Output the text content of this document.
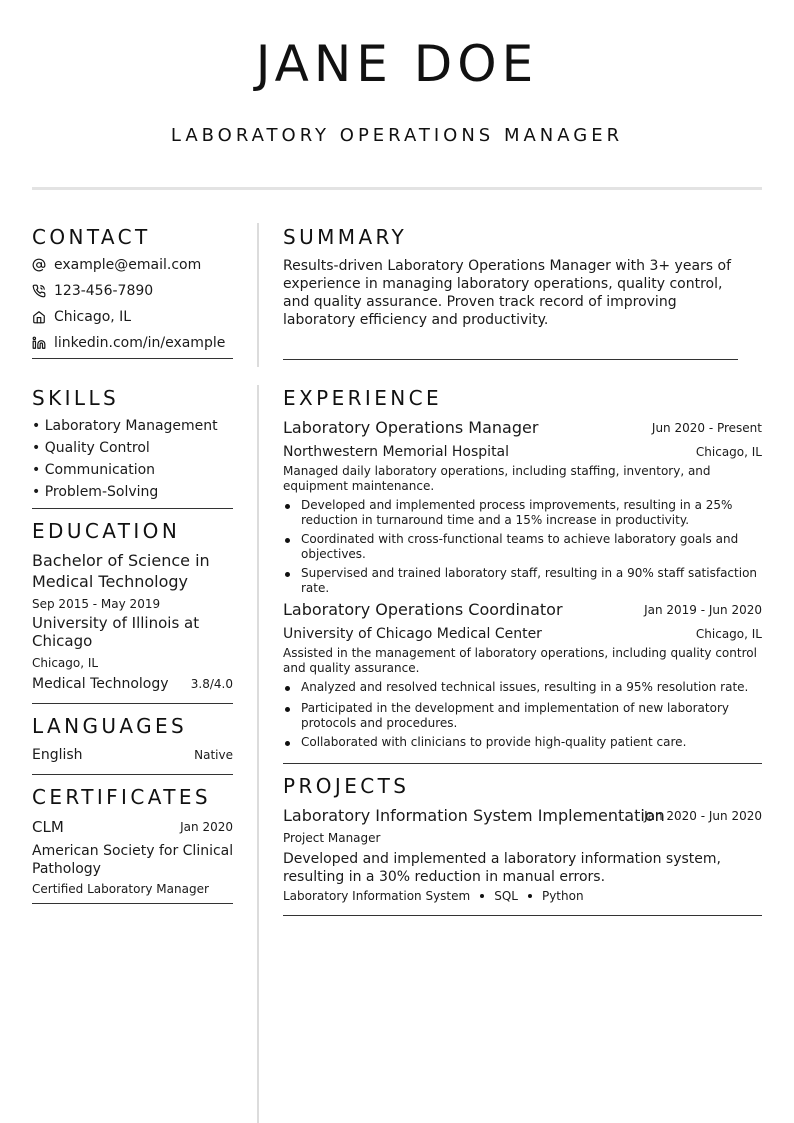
JANE DOE
LABORATORY OPERATIONS MANAGER
CONTACT
example@email.com
123-456-7890
Chicago, IL
linkedin.com/in/example
SUMMARY
Results-driven Laboratory Operations Manager with 3+ years of experience in managing laboratory operations, quality control, and quality assurance. Proven track record of improving laboratory efficiency and productivity.
SKILLS
• Laboratory Management
• Quality Control
• Communication
• Problem-Solving
EDUCATION
Bachelor of Science in Medical Technology
Sep 2015 - May 2019
University of Illinois at Chicago
Chicago, IL
Medical Technology	3.8/4.0
LANGUAGES
English	Native
CERTIFICATES
CLM	Jan 2020
American Society for Clinical Pathology
Certified Laboratory Manager
EXPERIENCE
Laboratory Operations Manager	Jun 2020 - Present
Northwestern Memorial Hospital	Chicago, IL
Managed daily laboratory operations, including staffing, inventory, and equipment maintenance.
Developed and implemented process improvements, resulting in a 25% reduction in turnaround time and a 15% increase in productivity.
Coordinated with cross-functional teams to achieve laboratory goals and objectives.
Supervised and trained laboratory staff, resulting in a 90% staff satisfaction rate.
Laboratory Operations Coordinator	Jan 2019 - Jun 2020
University of Chicago Medical Center	Chicago, IL
Assisted in the management of laboratory operations, including quality control and quality assurance.
Analyzed and resolved technical issues, resulting in a 95% resolution rate.
Participated in the development and implementation of new laboratory protocols and procedures.
Collaborated with clinicians to provide high-quality patient care.
PROJECTS
Laboratory Information System Implementation
Jan 2020 - Jun 2020
Project Manager
Developed and implemented a laboratory information system, resulting in a 30% reduction in manual errors.
Laboratory Information System SQL Python
